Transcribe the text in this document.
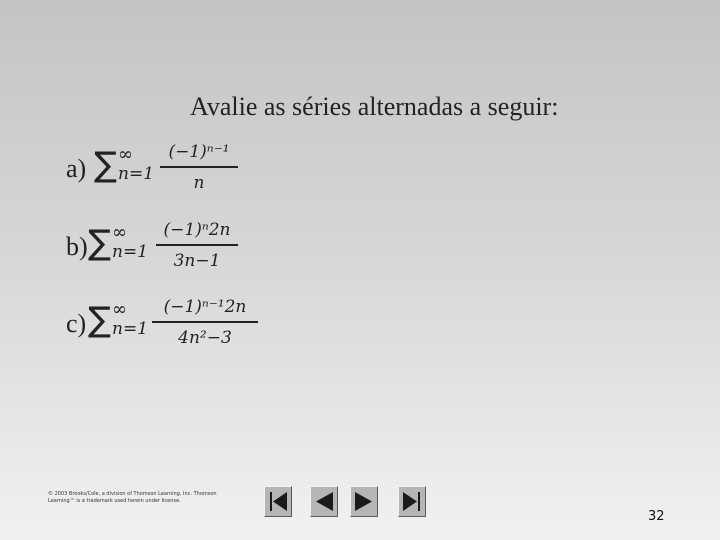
Avalie as séries alternadas a seguir:
a) ∑ ∞
n=1
(−1)ⁿ⁻¹
n
b) ∑ ∞
n=1
(−1)ⁿ2n
3n−1
c) ∑ ∞
n=1
(−1)ⁿ⁻¹2n
4n²−3
© 2003 Brooks/Cole, a division of Thomson Learning, Inc. Thomson Learning™ is a trademark used herein under license.
32
